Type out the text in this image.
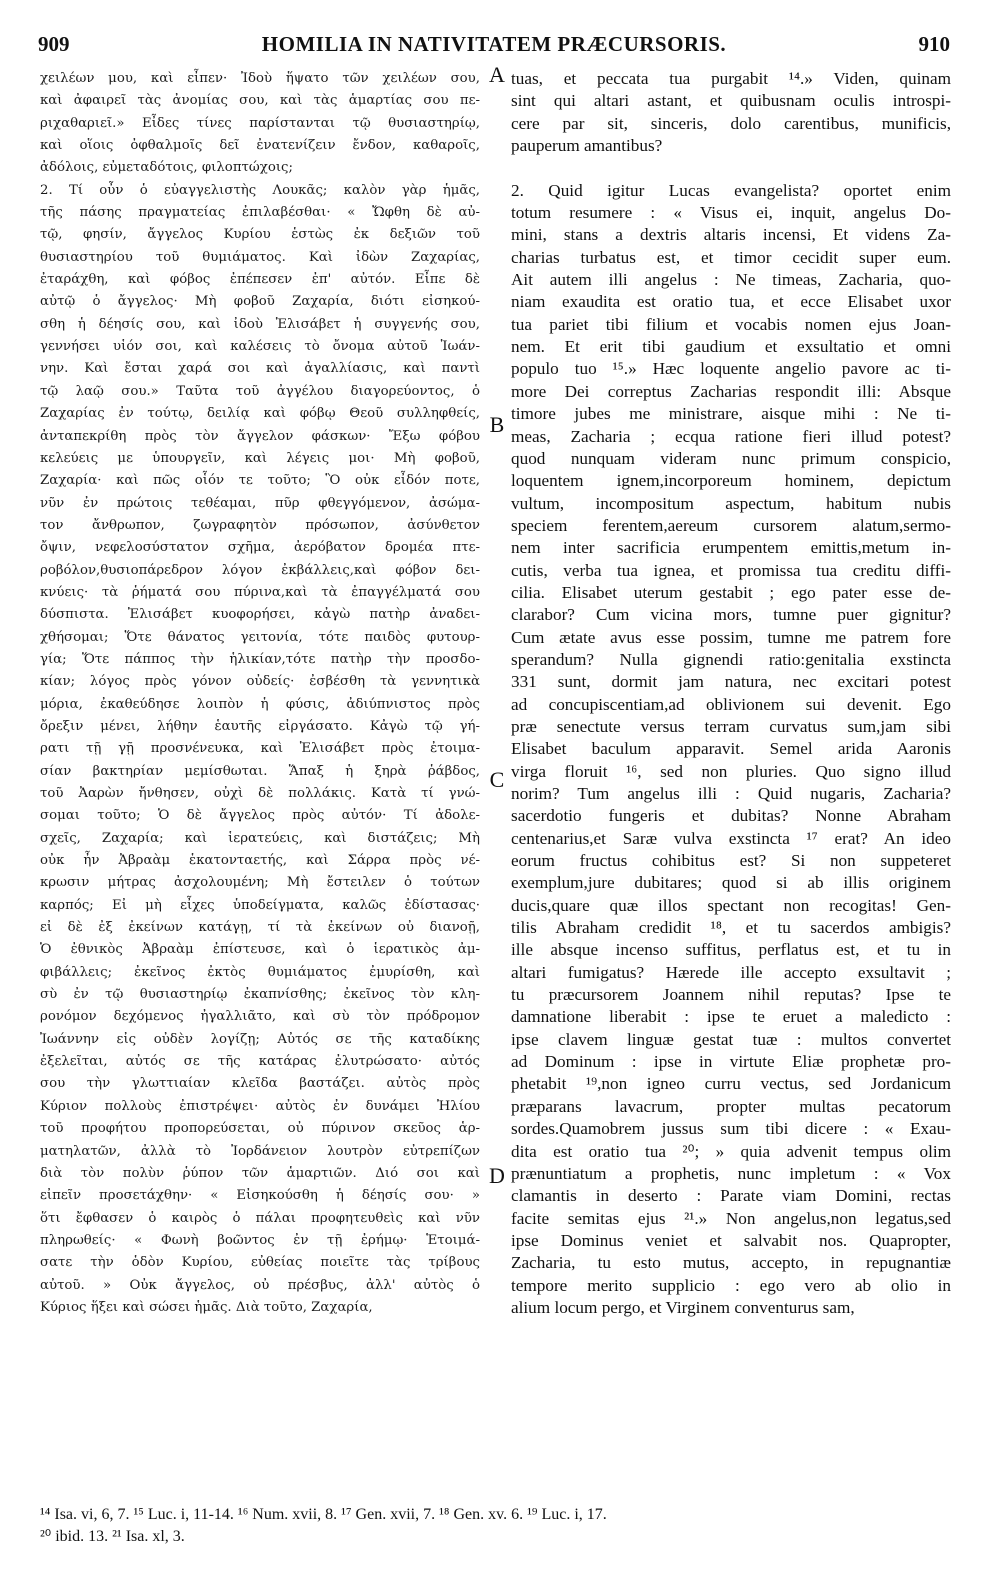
909	HOMILIA IN NATIVITATEM PRÆCURSORIS.	910
χειλέων μου, καὶ εἶπεν· Ἰδοὺ ἥψατο τῶν χειλέων σου,
καὶ ἀφαιρεῖ τὰς ἀνομίας σου, καὶ τὰς ἁμαρτίας σου πε-
ριχαθαριεῖ.» Εἶδες τίνες παρίστανται τῷ θυσιαστηρίῳ,
καὶ οἵοις ὀφθαλμοῖς δεῖ ἐνατενίζειν ἔνδον, καθαροῖς,
ἀδόλοις, εὐμεταδότοις, φιλοπτώχοις;
2. Τί οὖν ὁ εὐαγγελιστὴς Λουκᾶς; καλὸν γὰρ ἡμᾶς,
τῆς πάσης πραγματείας ἐπιλαβέσθαι· « Ὤφθη δὲ αὐ-
τῷ, φησίν, ἄγγελος Κυρίου ἑστὼς ἐκ δεξιῶν τοῦ
θυσιαστηρίου τοῦ θυμιάματος. Καὶ ἰδὼν Ζαχαρίας,
ἐταράχθη, καὶ φόβος ἐπέπεσεν ἐπ' αὐτόν. Εἶπε δὲ
αὐτῷ ὁ ἄγγελος· Μὴ φοβοῦ Ζαχαρία, διότι εἰσηκού-
σθη ἡ δέησίς σου, καὶ ἰδοὺ Ἐλισάβετ ἡ συγγενής σου,
γεννήσει υἱόν σοι, καὶ καλέσεις τὸ ὄνομα αὐτοῦ Ἰωάν-
νην. Καὶ ἔσται χαρά σοι καὶ ἀγαλλίασις, καὶ παντὶ
τῷ λαῷ σου.» Ταῦτα τοῦ ἀγγέλου διαγορεύοντος, ὁ
Ζαχαρίας ἐν τούτῳ, δειλίᾳ καὶ φόβῳ Θεοῦ συλληφθείς,
ἀνταπεκρίθη πρὸς τὸν ἄγγελον φάσκων· Ἔξω φόβου
κελεύεις με ὑπουργεῖν, καὶ λέγεις μοι· Μὴ φοβοῦ,
Ζαχαρία· καὶ πῶς οἷόν τε τοῦτο; Ὃ οὐκ εἶδόν ποτε,
νῦν ἐν πρώτοις τεθέαμαι, πῦρ φθεγγόμενον, ἀσώμα-
τον ἄνθρωπον, ζωγραφητὸν πρόσωπον, ἀσύνθετον
ὄψιν, νεφελοσύστατον σχῆμα, ἀερόβατον δρομέα πτε-
ροβόλον,θυσιοπάρεδρον λόγον ἐκβάλλεις,καὶ φόβον δει-
κνύεις· τὰ ῥήματά σου πύρινα,καὶ τὰ ἐπαγγέλματά σου
δύσπιστα. Ἐλισάβετ κυοφορήσει, κἀγὼ πατὴρ ἀναδει-
χθήσομαι; Ὅτε θάνατος γειτονία, τότε παιδὸς φυτουρ-
γία; Ὅτε πάππος τὴν ἡλικίαν,τότε πατὴρ τὴν προσδο-
κίαν; λόγος πρὸς γόνον οὐδείς· ἐσβέσθη τὰ γεννητικὰ
μόρια, ἐκαθεύδησε λοιπὸν ἡ φύσις, ἀδιύπνιστος πρὸς
ὄρεξιν μένει, λήθην ἑαυτῆς εἰργάσατο. Κἀγὼ τῷ γή-
ρατι τῇ γῇ προσνένευκα, καὶ Ἐλισάβετ πρὸς ἐτοιμα-
σίαν βακτηρίαν μεμίσθωται. Ἅπαξ ἡ ξηρὰ ῥάβδος,
τοῦ Ἀαρὼν ἤνθησεν, οὐχὶ δὲ πολλάκις. Κατὰ τί γνώ-
σομαι τοῦτο; Ὁ δὲ ἄγγελος πρὸς αὐτόν· Τί ἀδολε-
σχεῖς, Ζαχαρία; καὶ ἱερατεύεις, καὶ διστάζεις; Μὴ
οὐκ ἦν Ἀβραὰμ ἑκατονταετής, καὶ Σάρρα πρὸς νέ-
κρωσιν μήτρας ἀσχολουμένη; Μὴ ἔστειλεν ὁ τούτων
καρπός; Εἰ μὴ εἶχες ὑποδείγματα, καλῶς ἐδίστασας·
εἰ δὲ ἐξ ἐκείνων κατάγῃ, τί τὰ ἐκείνων οὐ διανοῇ,
Ὁ ἐθνικὸς Ἀβραὰμ ἐπίστευσε, καὶ ὁ ἱερατικὸς ἀμ-
φιβάλλεις; ἐκεῖνος ἐκτὸς θυμιάματος ἐμυρίσθη, καὶ
σὺ ἐν τῷ θυσιαστηρίῳ ἐκαπνίσθης; ἐκεῖνος τὸν κλη-
ρονόμον δεχόμενος ἠγαλλιᾶτο, καὶ σὺ τὸν πρόδρομον
Ἰωάννην εἰς οὐδὲν λογίζῃ; Αὐτός σε τῆς καταδίκης
ἐξελεῖται, αὐτός σε τῆς κατάρας ἐλυτρώσατο· αὐτός
σου τὴν γλωττιαίαν κλεῖδα βαστάζει. αὐτὸς πρὸς
Κύριον πολλοὺς ἐπιστρέψει· αὐτὸς ἐν δυνάμει Ἠλίου
τοῦ προφήτου προπορεύσεται, οὐ πύρινον σκεῦος ἁρ-
ματηλατῶν, ἀλλὰ τὸ Ἰορδάνειον λουτρὸν εὐτρεπίζων
διὰ τὸν πολὺν ῥύπον τῶν ἁμαρτιῶν. Διό σοι καὶ
εἰπεῖν προσετάχθην· « Εἰσηκούσθη ἡ δέησίς σου· »
ὅτι ἔφθασεν ὁ καιρὸς ὁ πάλαι προφητευθεὶς καὶ νῦν
πληρωθείς· « Φωνὴ βοῶντος ἐν τῇ ἐρήμῳ· Ἑτοιμά-
σατε τὴν ὁδὸν Κυρίου, εὐθείας ποιεῖτε τὰς τρίβους
αὐτοῦ. » Οὐκ ἄγγελος, οὐ πρέσβυς, ἀλλ' αὐτὸς ὁ
Κύριος ἥξει καὶ σώσει ἡμᾶς. Διὰ τοῦτο, Ζαχαρία,
tuas, et peccata tua purgabit ¹⁴.» Viden, quinam
sint qui altari astant, et quibusnam oculis introspi-
cere par sit, sinceris, dolo carentibus, munificis,
pauperum amantibus?

2. Quid igitur Lucas evangelista? oportet enim
totum resumere : « Visus ei, inquit, angelus Do-
mini, stans a dextris altaris incensi, Et videns Za-
charias turbatus est, et timor cecidit super eum.
Ait autem illi angelus : Ne timeas, Zacharia, quo-
niam exaudita est oratio tua, et ecce Elisabet uxor
tua pariet tibi filium et vocabis nomen ejus Joan-
nem. Et erit tibi gaudium et exsultatio et omni
populo tuo ¹⁵.» Hæc loquente angelio pavore ac ti-
more Dei correptus Zacharias respondit illi: Absque
timore jubes me ministrare, aisque mihi : Ne ti-
meas, Zacharia ; ecqua ratione fieri illud potest?
quod nunquam videram nunc primum conspicio,
loquentem ignem,incorporeum hominem, depictum
vultum, incompositum aspectum, habitum nubis
speciem ferentem,aereum cursorem alatum,sermo-
nem inter sacrificia erumpentem emittis,metum in-
cutis, verba tua ignea, et promissa tua creditu diffi-
cilia. Elisabet uterum gestabit ; ego pater esse de-
clarabor? Cum vicina mors, tumne puer gignitur?
Cum ætate avus esse possim, tumne me patrem fore
sperandum? Nulla gignendi ratio:genitalia exstincta
331 sunt, dormit jam natura, nec excitari potest
ad concupiscentiam,ad oblivionem sui devenit. Ego
præ senectute versus terram curvatus sum,jam sibi
Elisabet baculum apparavit. Semel arida Aaronis
virga floruit ¹⁶, sed non pluries. Quo signo illud
norim? Tum angelus illi : Quid nugaris, Zacharia?
sacerdotio fungeris et dubitas? Nonne Abraham
centenarius,et Saræ vulva exstincta ¹⁷ erat? An ideo
eorum fructus cohibitus est? Si non suppeteret
exemplum,jure dubitares; quod si ab illis originem
ducis,quare quæ illos spectant non recogitas! Gen-
tilis Abraham credidit ¹⁸, et tu sacerdos ambigis?
ille absque incenso suffitus, perflatus est, et tu in
altari fumigatus? Hærede ille accepto exsultavit ;
tu præcursorem Joannem nihil reputas? Ipse te
damnatione liberabit : ipse te eruet a maledicto :
ipse clavem linguæ gestat tuæ : multos convertet
ad Dominum : ipse in virtute Eliæ prophetæ pro-
phetabit ¹⁹,non igneo curru vectus, sed Jordanicum
præparans lavacrum, propter multas pecatorum
sordes.Quamobrem jussus sum tibi dicere : « Exau-
dita est oratio tua ²⁰; » quia advenit tempus olim
prænuntiatum a prophetis, nunc impletum : « Vox
clamantis in deserto : Parate viam Domini, rectas
facite semitas ejus ²¹.» Non angelus,non legatus,sed
ipse Dominus veniet et salvabit nos. Quapropter,
Zacharia, tu esto mutus, accepto, in repugnantiæ
tempore merito supplicio : ego vero ab olio in
alium locum pergo, et Virginem conventurus sam,
A
B
C
D
¹⁴ Isa. vi, 6, 7. ¹⁵ Luc. i, 11-14. ¹⁶ Num. xvii, 8. ¹⁷ Gen. xvii, 7. ¹⁸ Gen. xv. 6. ¹⁹ Luc. i, 17.
²⁰ ibid. 13. ²¹ Isa. xl, 3.
